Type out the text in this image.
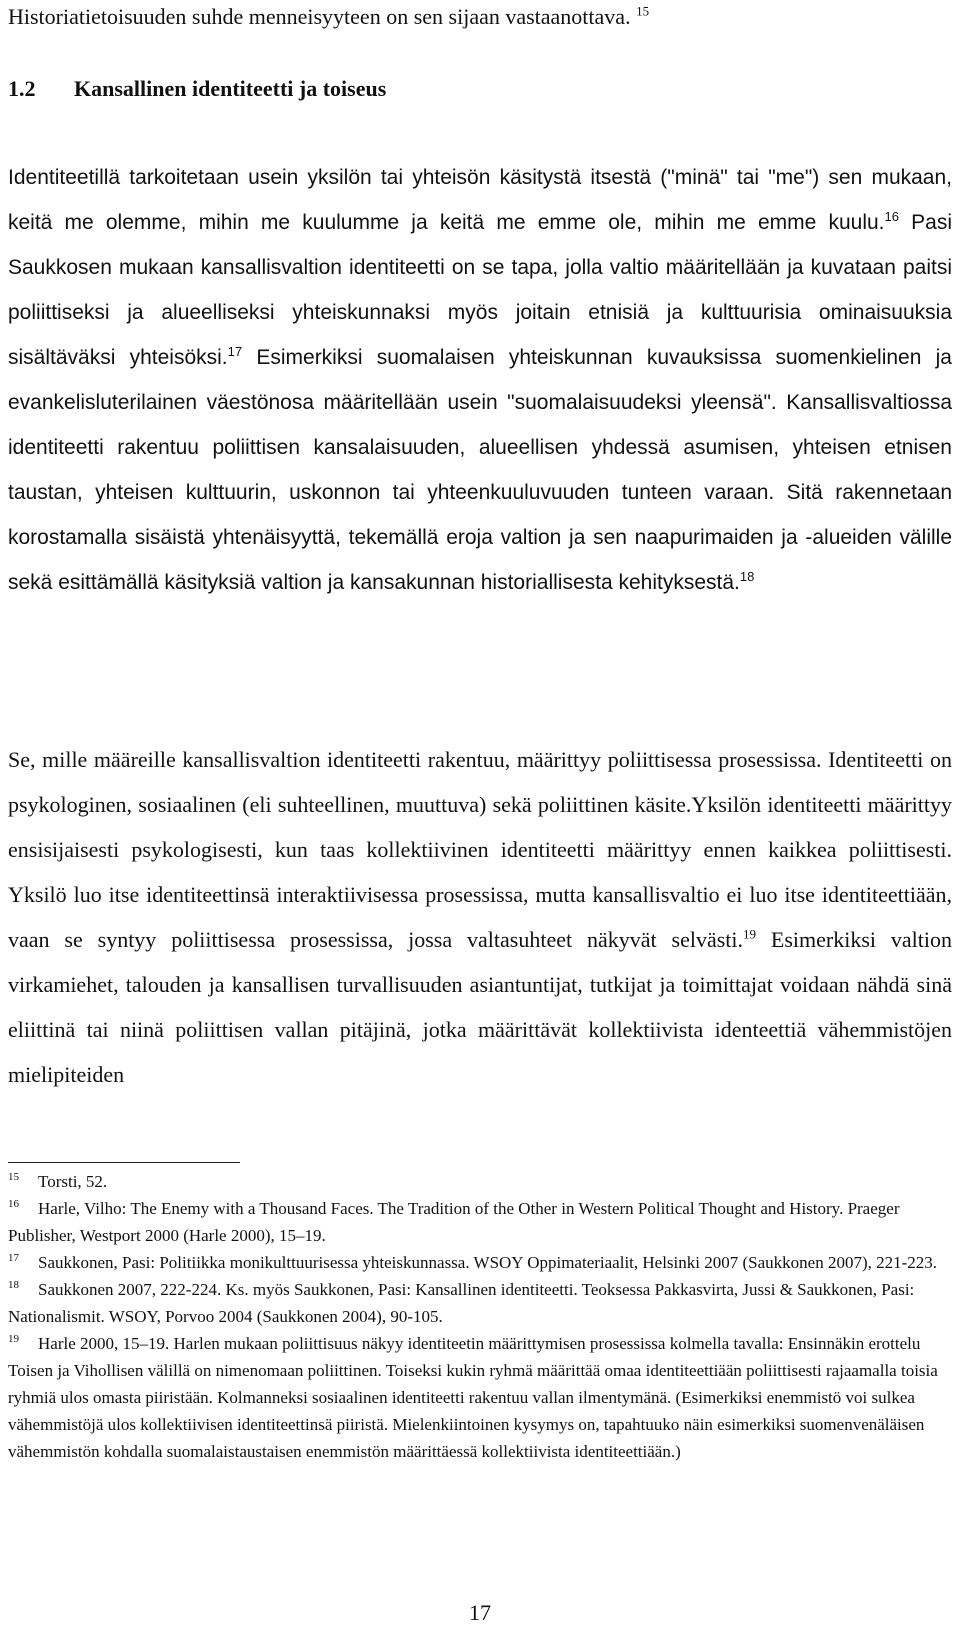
Historiatietoisuuden suhde menneisyyteen on sen sijaan vastaanottava. $^{15}$
1.2 Kansallinen identiteetti ja toiseus

Identiteetillä tarkoitetaan usein yksilön tai yhteisön käsitystä itsestä ("minä" tai "me") sen mukaan, keitä me olemme, mihin me kuulumme ja keitä me emme ole, mihin me emme kuulu.$^{16}$ Pasi Saukkosen mukaan kansallisvaltion identiteetti on se tapa, jolla valtio määritellään ja kuvataan paitsi poliittiseksi ja alueelliseksi yhteiskunnaksi myös joitain etnisiä ja kulttuurisia ominaisuuksia sisältäväksi yhteisöksi.$^{17}$ Esimerkiksi suomalaisen yhteiskunnan kuvauksissa suomenkielinen ja evankelisluterilainen väestönosa määritellään usein "suomalaisuudeksi yleensä". Kansallisvaltiossa identiteetti rakentuu poliittisen kansalaisuuden, alueellisen yhdessä asumisen, yhteisen etnisen taustan, yhteisen kulttuurin, uskonnon tai yhteenkuuluvuuden tunteen varaan. Sitä rakennetaan korostamalla sisäistä yhtenäisyyttä, tekemällä eroja valtion ja sen naapurimaiden ja -alueiden välille sekä esittämällä käsityksiä valtion ja kansakunnan historiallisesta kehityksestä.$^{18}$

Se, mille määreille kansallisvaltion identiteetti rakentuu, määrittyy poliittisessa prosessissa. Identiteetti on psykologinen, sosiaalinen (eli suhteellinen, muuttuva) sekä poliittinen käsite.Yksilön identiteetti määrittyy ensisijaisesti psykologisesti, kun taas kollektiivinen identiteetti määrittyy ennen kaikkea poliittisesti. Yksilö luo itse identiteettinsä interaktiivisessa prosessissa, mutta kansallisvaltio ei luo itse identiteettiään, vaan se syntyy poliittisessa prosessissa, jossa valtasuhteet näkyvät selvästi.$^{19}$ Esimerkiksi valtion virkamiehet, talouden ja kansallisen turvallisuuden asiantuntijat, tutkijat ja toimittajat voidaan nähdä sinä eliittinä tai niinä poliittisen vallan pitäjinä, jotka määrittävät kollektiivista identeettiä vähemmistöjen mielipiteiden

15 Torsti, 52.
16 Harle, Vilho: The Enemy with a Thousand Faces. The Tradition of the Other in Western Political Thought and History. Praeger Publisher, Westport 2000 (Harle 2000), 15–19.
17 Saukkonen, Pasi: Politiikka monikulttuurisessa yhteiskunnassa. WSOY Oppimateriaalit, Helsinki 2007 (Saukkonen 2007), 221-223.
18 Saukkonen 2007, 222-224. Ks. myös Saukkonen, Pasi: Kansallinen identiteetti. Teoksessa Pakkasvirta, Jussi & Saukkonen, Pasi: Nationalismit. WSOY, Porvoo 2004 (Saukkonen 2004), 90-105.
19 Harle 2000, 15–19. Harlen mukaan poliittisuus näkyy identiteetin määrittymisen prosessissa kolmella tavalla: Ensinnäkin erottelu Toisen ja Vihollisen välillä on nimenomaan poliittinen. Toiseksi kukin ryhmä määrittää omaa identiteettiään poliittisesti rajaamalla toisia ryhmiä ulos omasta piiristään. Kolmanneksi sosiaalinen identiteetti rakentuu vallan ilmentymänä. (Esimerkiksi enemmistö voi sulkea vähemmistöjä ulos kollektiivisen identiteettinsä piiristä. Mielenkiintoinen kysymys on, tapahtuuko näin esimerkiksi suomenvenäläisen vähemmistön kohdalla suomalaistaustaisen enemmistön määrittäessä kollektiivista identiteettiään.)
17
